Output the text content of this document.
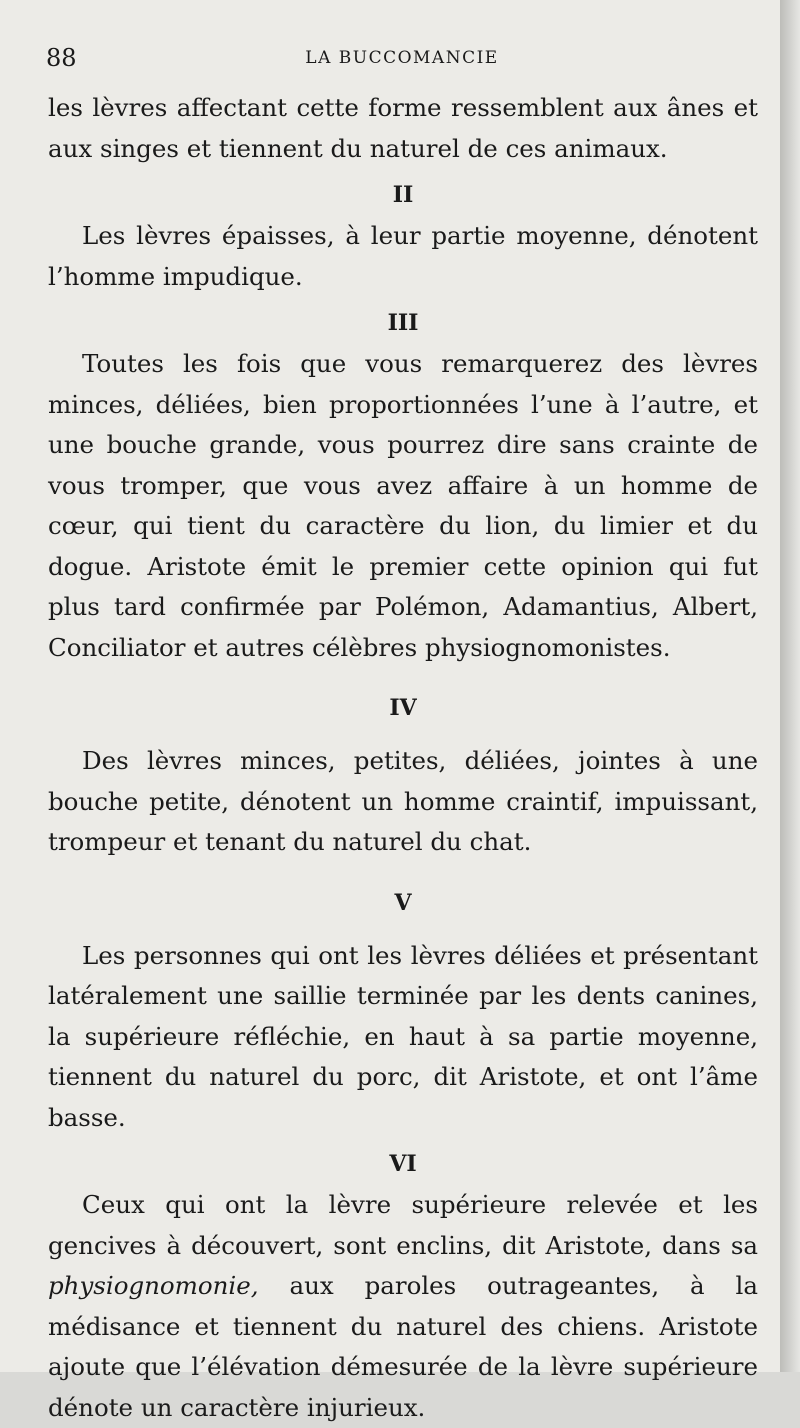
88	LA BUCCOMANCIE

les lèvres affectant cette forme ressemblent aux ânes et aux singes et tiennent du naturel de ces animaux.

II

Les lèvres épaisses, à leur partie moyenne, dénotent l’homme impudique.

III

Toutes les fois que vous remarquerez des lèvres minces, déliées, bien proportionnées l’une à l’autre, et une bouche grande, vous pourrez dire sans crainte de vous tromper, que vous avez affaire à un homme de cœur, qui tient du caractère du lion, du limier et du dogue. Aristote émit le premier cette opinion qui fut plus tard confirmée par Polémon, Adamantius, Albert, Conciliator et autres célèbres physiognomonistes.

IV

Des lèvres minces, petites, déliées, jointes à une bouche petite, dénotent un homme craintif, impuissant, trompeur et tenant du naturel du chat.

V

Les personnes qui ont les lèvres déliées et présentant latéralement une saillie terminée par les dents canines, la supérieure réfléchie, en haut à sa partie moyenne, tiennent du naturel du porc, dit Aristote, et ont l’âme basse.

VI

Ceux qui ont la lèvre supérieure relevée et les gencives à découvert, sont enclins, dit Aristote, dans sa physiognomonie, aux paroles outrageantes, à la médisance et tiennent du naturel des chiens. Aristote ajoute que l’élévation démesurée de la lèvre supérieure dénote un caractère injurieux.
